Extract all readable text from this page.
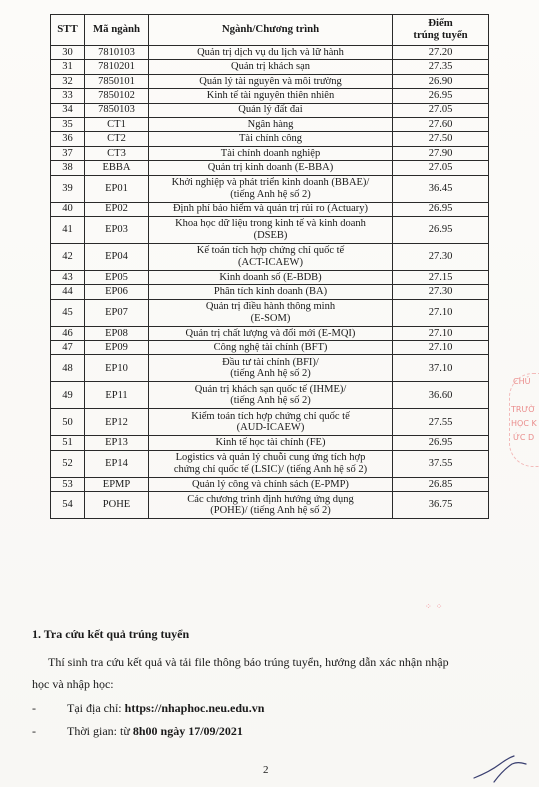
STT	Mã ngành	Ngành/Chương trình	Điểm
trúng tuyển
30	7810103	Quản trị dịch vụ du lịch và lữ hành	27.20
31	7810201	Quản trị khách sạn	27.35
32	7850101	Quản lý tài nguyên và môi trường	26.90
33	7850102	Kinh tế tài nguyên thiên nhiên	26.95
34	7850103	Quản lý đất đai	27.05
35	CT1	Ngân hàng	27.60
36	CT2	Tài chính công	27.50
37	CT3	Tài chính doanh nghiệp	27.90
38	EBBA	Quản trị kinh doanh (E-BBA)	27.05
39	EP01	Khởi nghiệp và phát triển kinh doanh (BBAE)/
(tiếng Anh hệ số 2)	36.45
40	EP02	Định phí bảo hiểm và quản trị rủi ro (Actuary)	26.95
41	EP03	Khoa học dữ liệu trong kinh tế và kinh doanh
(DSEB)	26.95
42	EP04	Kế toán tích hợp chứng chỉ quốc tế
(ACT-ICAEW)	27.30
43	EP05	Kinh doanh số (E-BDB)	27.15
44	EP06	Phân tích kinh doanh (BA)	27.30
45	EP07	Quản trị điều hành thông minh
(E-SOM)	27.10
46	EP08	Quản trị chất lượng và đổi mới (E-MQI)	27.10
47	EP09	Công nghệ tài chính (BFT)	27.10
48	EP10	Đầu tư tài chính (BFI)/
(tiếng Anh hệ số 2)	37.10
49	EP11	Quản trị khách sạn quốc tế (IHME)/
(tiếng Anh hệ số 2)	36.60
50	EP12	Kiểm toán tích hợp chứng chỉ quốc tế
(AUD-ICAEW)	27.55
51	EP13	Kinh tế học tài chính (FE)	26.95
52	EP14	Logistics và quản lý chuỗi cung ứng tích hợp
chứng chỉ quốc tế (LSIC)/ (tiếng Anh hệ số 2)	37.55
53	EPMP	Quản lý công và chính sách (E-PMP)	26.85
54	POHE	Các chương trình định hướng ứng dụng
(POHE)/ (tiếng Anh hệ số 2)	36.75
1. Tra cứu kết quả trúng tuyển
Thí sinh tra cứu kết quả và tải file thông báo trúng tuyển, hướng dẫn xác nhận nhập
học và nhập học:
-	Tại địa chỉ: https://nhaphoc.neu.edu.vn
-	Thời gian: từ 8h00 ngày 17/09/2021
2
CHỦ
TRƯỜ
HỌC K
ỨC D
⁘ ⁘
